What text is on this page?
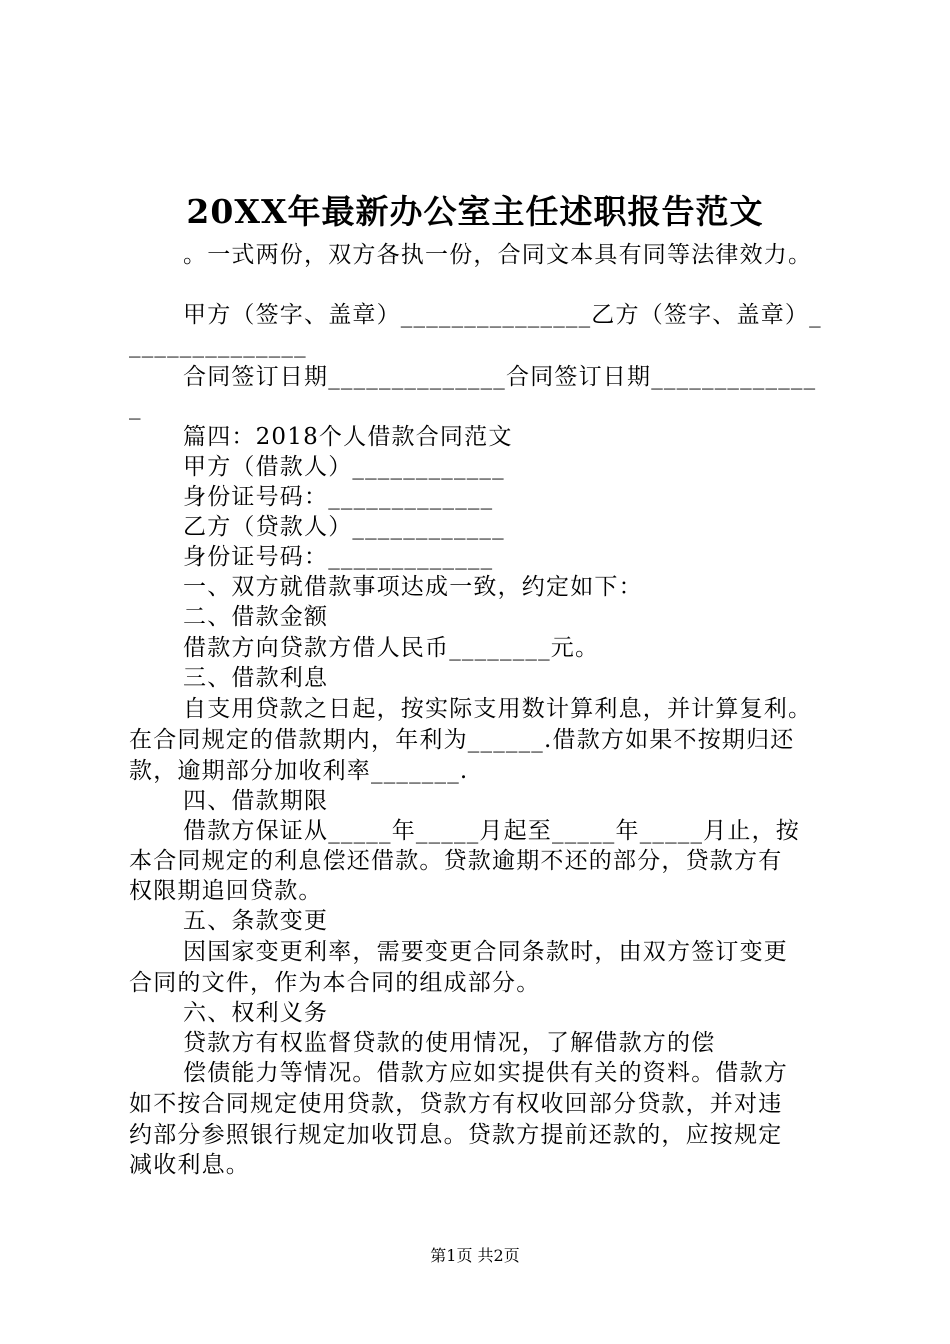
20XX年最新办公室主任述职报告范文
。一式两份，双方各执一份，合同文本具有同等法律效力。
甲方（签字、盖章）_______________乙方（签字、盖章）_
______________
合同签订日期______________合同签订日期_____________
_
篇四：2018个人借款合同范文
甲方（借款人）____________
身份证号码：_____________
乙方（贷款人）____________
身份证号码：_____________
一、双方就借款事项达成一致，约定如下：
二、借款金额
借款方向贷款方借人民币________元。
三、借款利息
自支用贷款之日起，按实际支用数计算利息，并计算复利。
在合同规定的借款期内，年利为______.借款方如果不按期归还
款，逾期部分加收利率_______.
四、借款期限
借款方保证从_____年_____月起至_____年_____月止，按
本合同规定的利息偿还借款。贷款逾期不还的部分，贷款方有
权限期追回贷款。
五、条款变更
因国家变更利率，需要变更合同条款时，由双方签订变更
合同的文件，作为本合同的组成部分。
六、权利义务
贷款方有权监督贷款的使用情况，了解借款方的偿
偿债能力等情况。借款方应如实提供有关的资料。借款方
如不按合同规定使用贷款，贷款方有权收回部分贷款，并对违
约部分参照银行规定加收罚息。贷款方提前还款的，应按规定
减收利息。
第1页 共2页
